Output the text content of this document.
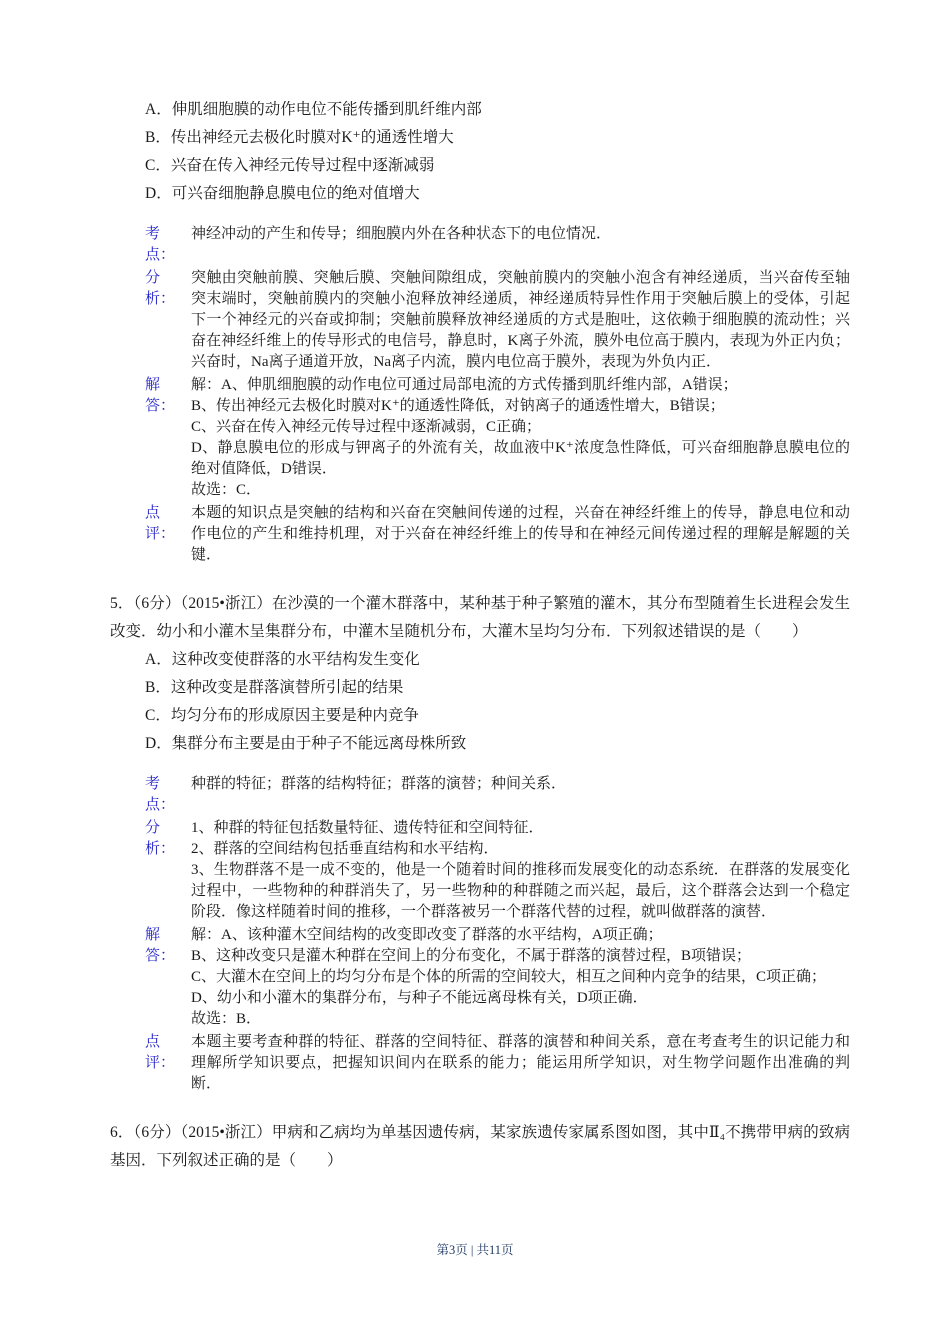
A．伸肌细胞膜的动作电位不能传播到肌纤维内部

B．传出神经元去极化时膜对K⁺的通透性增大

C．兴奋在传入神经元传导过程中逐渐减弱

D．可兴奋细胞静息膜电位的绝对值增大

考
点：

神经冲动的产生和传导；细胞膜内外在各种状态下的电位情况．

分
析：

突触由突触前膜、突触后膜、突触间隙组成，突触前膜内的突触小泡含有神经递质，当兴奋传至轴突末端时，突触前膜内的突触小泡释放神经递质，神经递质特异性作用于突触后膜上的受体，引起下一个神经元的兴奋或抑制；突触前膜释放神经递质的方式是胞吐，这依赖于细胞膜的流动性；兴奋在神经纤维上的传导形式的电信号，静息时，K离子外流，膜外电位高于膜内，表现为外正内负；兴奋时，Na离子通道开放，Na离子内流，膜内电位高于膜外，表现为外负内正．

解
答：

解：A、伸肌细胞膜的动作电位可通过局部电流的方式传播到肌纤维内部，A错误；

B、传出神经元去极化时膜对K⁺的通透性降低，对钠离子的通透性增大，B错误；

C、兴奋在传入神经元传导过程中逐渐减弱，C正确；

D、静息膜电位的形成与钾离子的外流有关，故血液中K⁺浓度急性降低，可兴奋细胞静息膜电位的绝对值降低，D错误．

故选：C．

点
评：

本题的知识点是突触的结构和兴奋在突触间传递的过程，兴奋在神经纤维上的传导，静息电位和动作电位的产生和维持机理，对于兴奋在神经纤维上的传导和在神经元间传递过程的理解是解题的关键．

5．（6分）（2015•浙江）在沙漠的一个灌木群落中，某种基于种子繁殖的灌木，其分布型随着生长进程会发生改变．幼小和小灌木呈集群分布，中灌木呈随机分布，大灌木呈均匀分布．下列叙述错误的是（　　）

A．这种改变使群落的水平结构发生变化

B．这种改变是群落演替所引起的结果

C．均匀分布的形成原因主要是种内竞争

D．集群分布主要是由于种子不能远离母株所致

考
点：

种群的特征；群落的结构特征；群落的演替；种间关系．

分
析：

1、种群的特征包括数量特征、遗传特征和空间特征．

2、群落的空间结构包括垂直结构和水平结构．

3、生物群落不是一成不变的，他是一个随着时间的推移而发展变化的动态系统．在群落的发展变化过程中，一些物种的种群消失了，另一些物种的种群随之而兴起，最后，这个群落会达到一个稳定阶段．像这样随着时间的推移，一个群落被另一个群落代替的过程，就叫做群落的演替．

解
答：

解：A、该种灌木空间结构的改变即改变了群落的水平结构，A项正确；

B、这种改变只是灌木种群在空间上的分布变化，不属于群落的演替过程，B项错误；

C、大灌木在空间上的均匀分布是个体的所需的空间较大，相互之间种内竞争的结果，C项正确；

D、幼小和小灌木的集群分布，与种子不能远离母株有关，D项正确．

故选：B．

点
评：

本题主要考查种群的特征、群落的空间特征、群落的演替和种间关系，意在考查考生的识记能力和理解所学知识要点，把握知识间内在联系的能力；能运用所学知识，对生物学问题作出准确的判断．

6．（6分）（2015•浙江）甲病和乙病均为单基因遗传病，某家族遗传家属系图如图，其中Ⅱ₄不携带甲病的致病基因．下列叙述正确的是（　　）

第3页 | 共11页
